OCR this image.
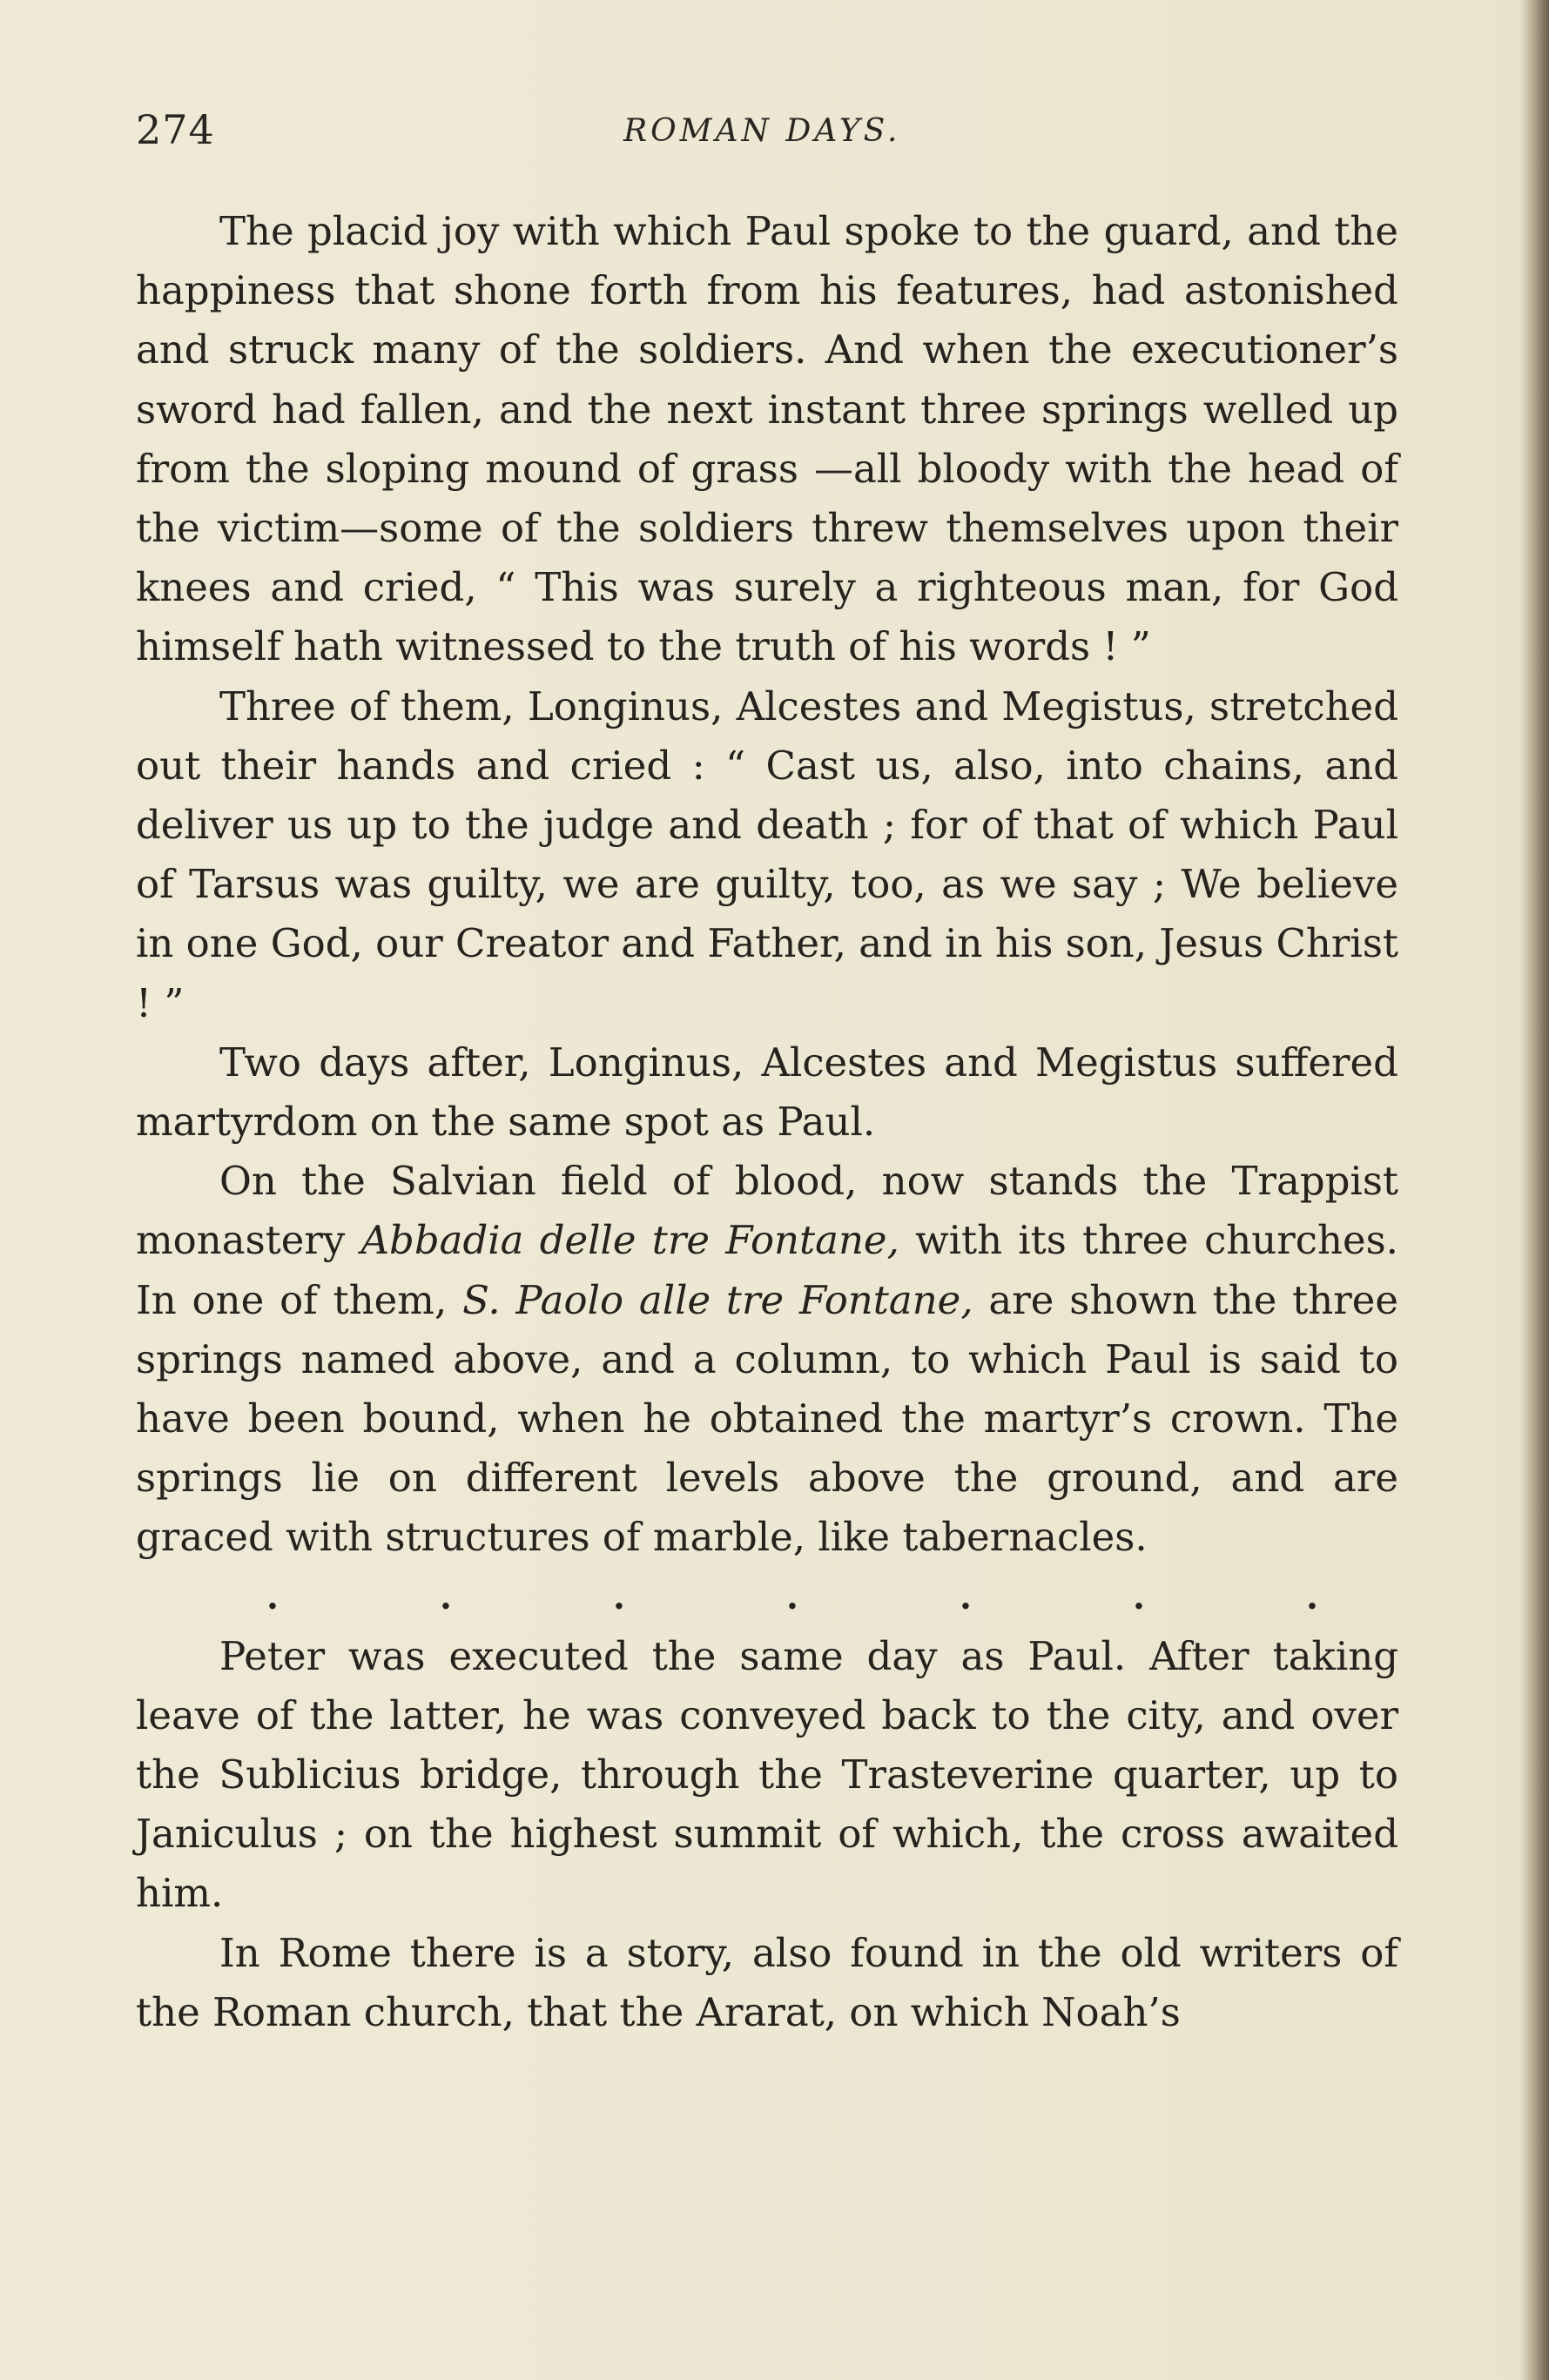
274	ROMAN DAYS.

The placid joy with which Paul spoke to the guard, and the happiness that shone forth from his features, had astonished and struck many of the soldiers. And when the executioner’s sword had fallen, and the next instant three springs welled up from the sloping mound of grass —all bloody with the head of the victim—some of the soldiers threw themselves upon their knees and cried, “ This was surely a righteous man, for God himself hath witnessed to the truth of his words ! ”

Three of them, Longinus, Alcestes and Megistus, stretched out their hands and cried : “ Cast us, also, into chains, and deliver us up to the judge and death ; for of that of which Paul of Tarsus was guilty, we are guilty, too, as we say ; We believe in one God, our Creator and Father, and in his son, Jesus Christ ! ”

Two days after, Longinus, Alcestes and Megistus suffered martyrdom on the same spot as Paul.

On the Salvian field of blood, now stands the Trappist monastery Abbadia delle tre Fontane, with its three churches. In one of them, S. Paolo alle tre Fontane, are shown the three springs named above, and a column, to which Paul is said to have been bound, when he obtained the martyr’s crown. The springs lie on different levels above the ground, and are graced with structures of marble, like tabernacles.

.	.	.	.	.	.	.

Peter was executed the same day as Paul. After taking leave of the latter, he was conveyed back to the city, and over the Sublicius bridge, through the Trasteverine quarter, up to Janiculus ; on the highest summit of which, the cross awaited him.

In Rome there is a story, also found in the old writers of the Roman church, that the Ararat, on which Noah’s
